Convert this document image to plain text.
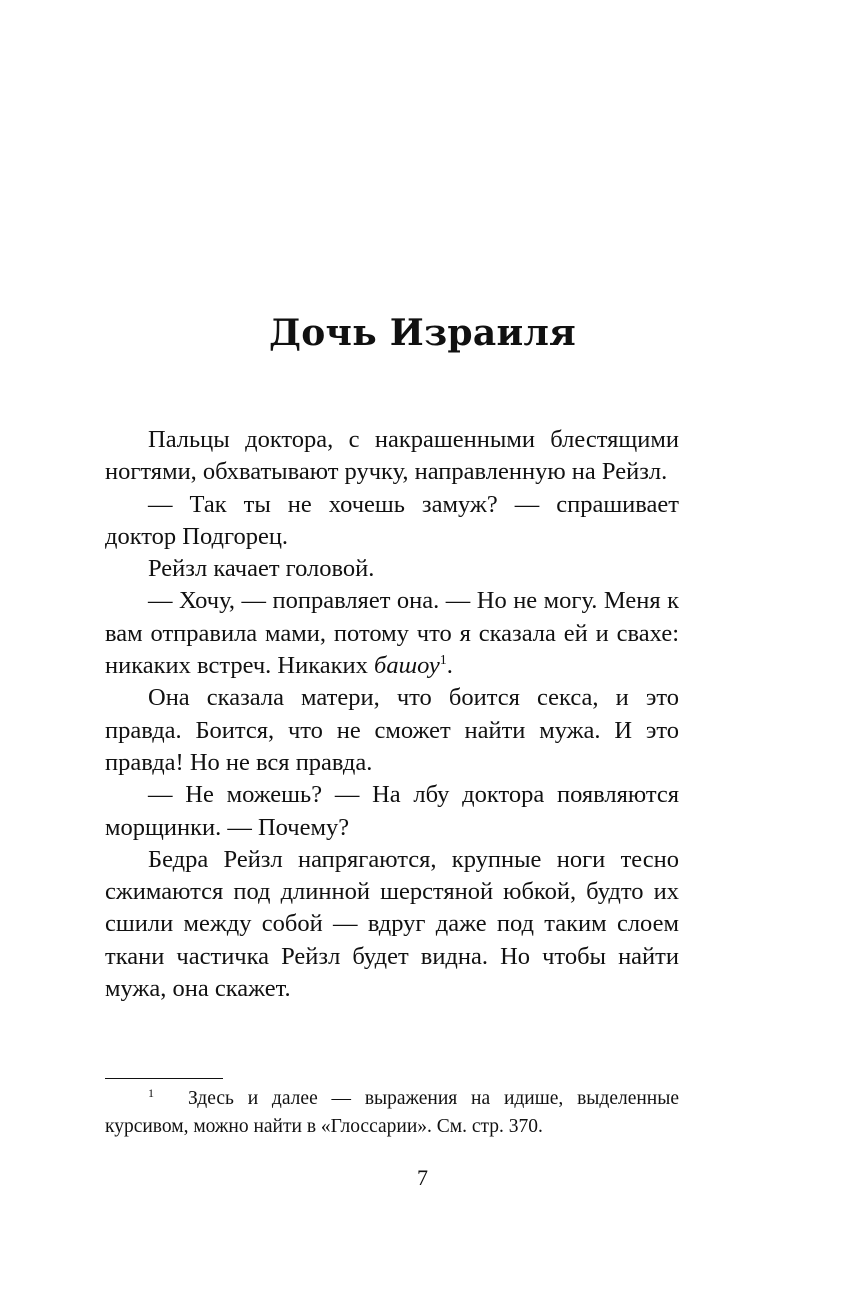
Дочь Израиля

Пальцы доктора, с накрашенными блестящими ногтями, обхватывают ручку, направленную на Рейзл.

— Так ты не хочешь замуж? — спрашивает доктор Подгорец.

Рейзл качает головой.

— Хочу, — поправляет она. — Но не могу. Меня к вам отправила мами, потому что я сказала ей и свахе: никаких встреч. Никаких башоу$^1$.

Она сказала матери, что боится секса, и это правда. Боится, что не сможет найти мужа. И это правда! Но не вся правда.

— Не можешь? — На лбу доктора появляются морщинки. — Почему?

Бедра Рейзл напрягаются, крупные ноги тесно сжимаются под длинной шерстяной юбкой, будто их сшили между собой — вдруг даже под таким слоем ткани частичка Рейзл будет видна. Но чтобы найти мужа, она скажет.

1 Здесь и далее — выражения на идише, выделенные курсивом, можно найти в «Глоссарии». См. стр. 370.

7
